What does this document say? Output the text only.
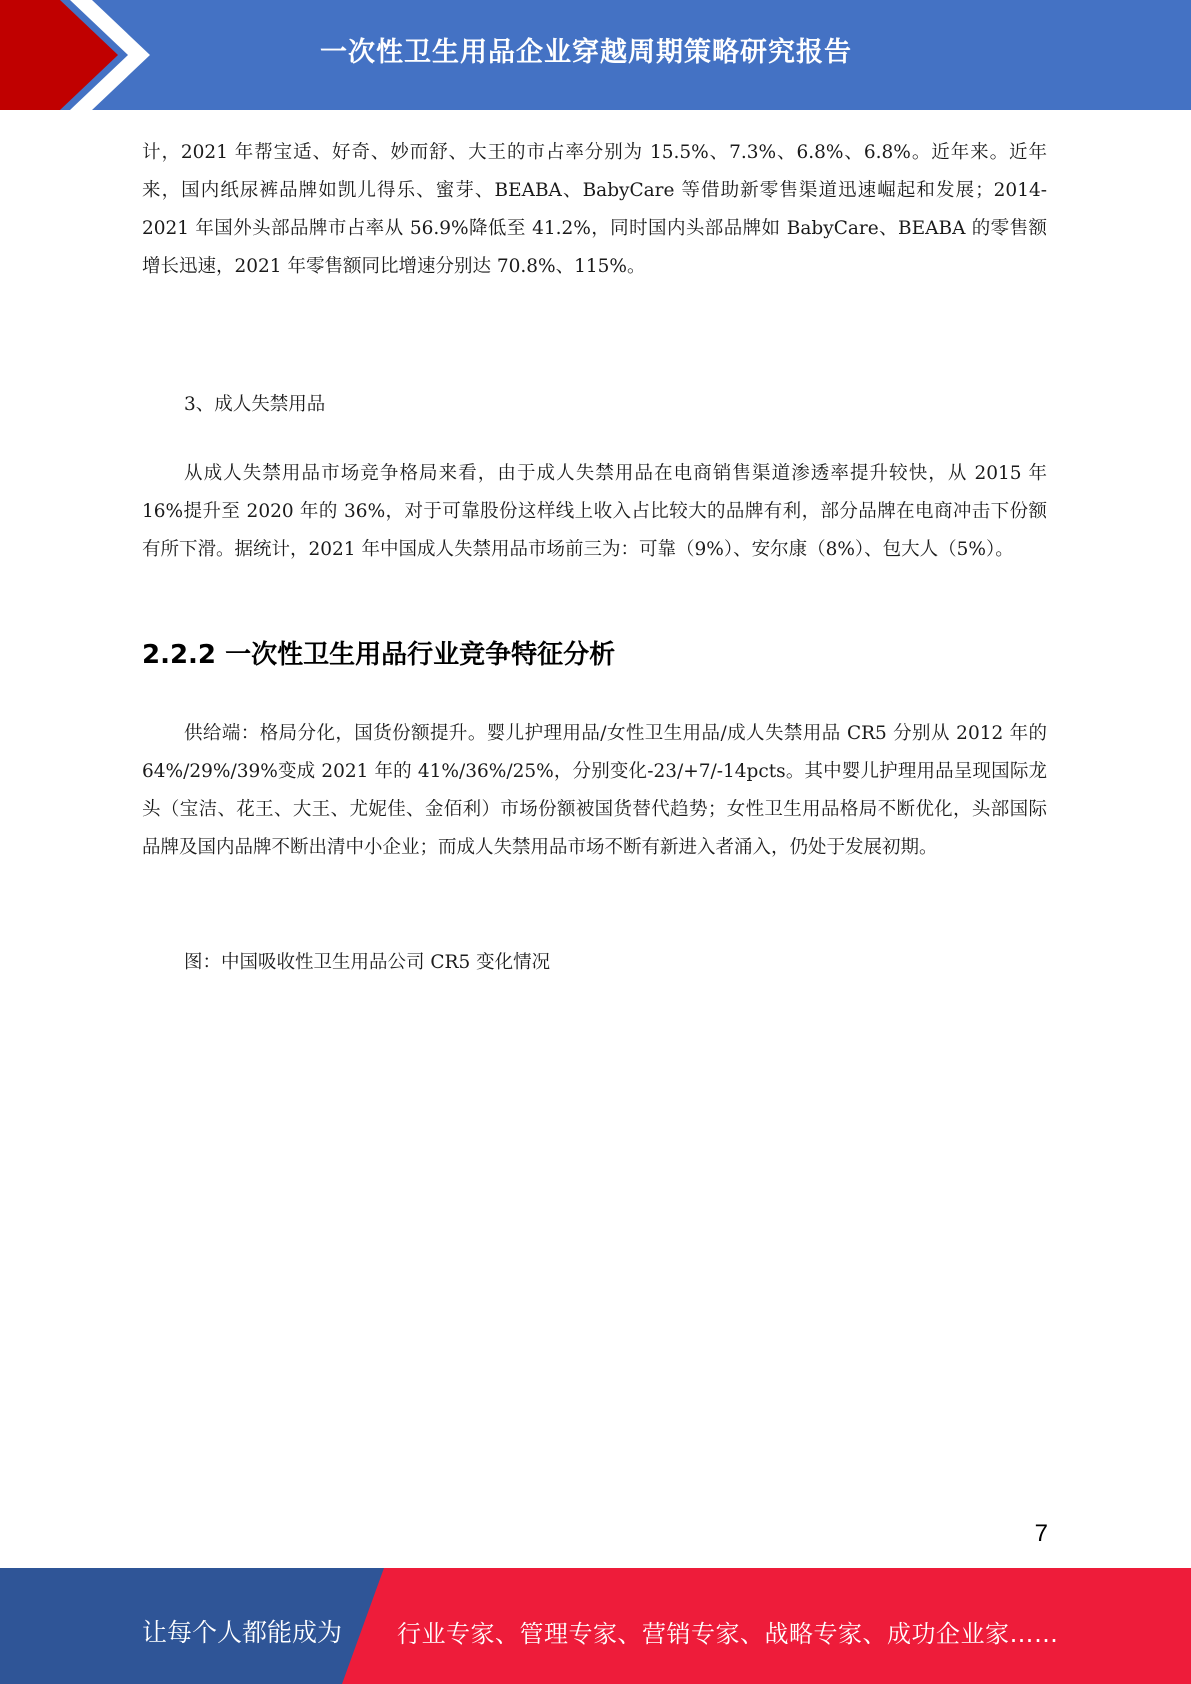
一次性卫生用品企业穿越周期策略研究报告

计，2021 年帮宝适、好奇、妙而舒、大王的市占率分别为 15.5%、7.3%、6.8%、6.8%。近年来。近年来，国内纸尿裤品牌如凯儿得乐、蜜芽、BEABA、BabyCare 等借助新零售渠道迅速崛起和发展；2014-2021 年国外头部品牌市占率从 56.9%降低至 41.2%，同时国内头部品牌如 BabyCare、BEABA 的零售额增长迅速，2021 年零售额同比增速分别达 70.8%、115%。

3、成人失禁用品

从成人失禁用品市场竞争格局来看，由于成人失禁用品在电商销售渠道渗透率提升较快，从 2015 年 16%提升至 2020 年的 36%，对于可靠股份这样线上收入占比较大的品牌有利，部分品牌在电商冲击下份额有所下滑。据统计，2021 年中国成人失禁用品市场前三为：可靠（9%）、安尔康（8%）、包大人（5%）。

2.2.2 一次性卫生用品行业竞争特征分析

供给端：格局分化，国货份额提升。婴儿护理用品/女性卫生用品/成人失禁用品 CR5 分别从 2012 年的 64%/29%/39%变成 2021 年的 41%/36%/25%，分别变化-23/+7/-14pcts。其中婴儿护理用品呈现国际龙头（宝洁、花王、大王、尤妮佳、金佰利）市场份额被国货替代趋势；女性卫生用品格局不断优化，头部国际品牌及国内品牌不断出清中小企业；而成人失禁用品市场不断有新进入者涌入，仍处于发展初期。

图：中国吸收性卫生用品公司 CR5 变化情况

7
让每个人都能成为 行业专家、管理专家、营销专家、战略专家、成功企业家……
